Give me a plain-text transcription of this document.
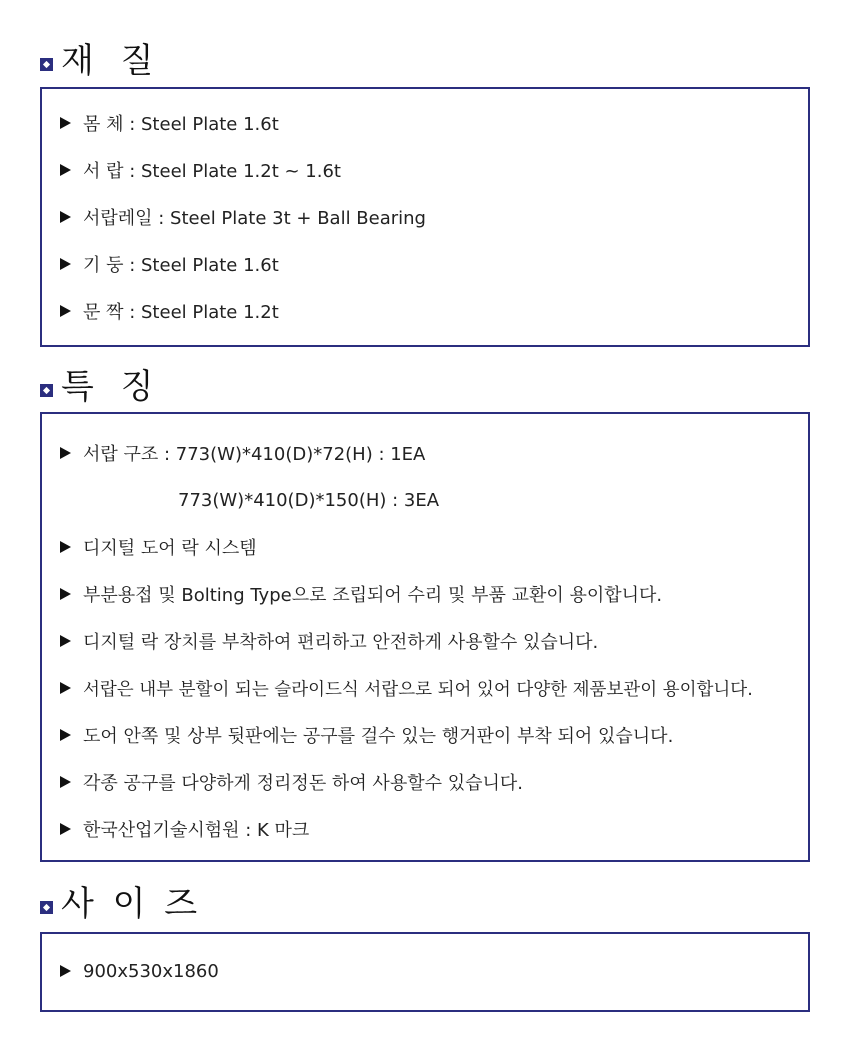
재 질
몸 체 : Steel Plate 1.6t
서 랍 : Steel Plate 1.2t ~ 1.6t
서랍레일 : Steel Plate 3t + Ball Bearing
기 둥 : Steel Plate 1.6t
문 짝 : Steel Plate 1.2t
특 징
서랍 구조 : 773(W)*410(D)*72(H) : 1EA
773(W)*410(D)*150(H) : 3EA
디지털 도어 락 시스템
부분용접 및 Bolting Type으로 조립되어 수리 및 부품 교환이 용이합니다.
디지털 락 장치를 부착하여 편리하고 안전하게 사용할수 있습니다.
서랍은 내부 분할이 되는 슬라이드식 서랍으로 되어 있어 다양한 제품보관이 용이합니다.
도어 안쪽 및 상부 뒷판에는 공구를 걸수 있는 행거판이 부착 되어 있습니다.
각종 공구를 다양하게 정리정돈 하여 사용할수 있습니다.
한국산업기술시험원 : K 마크
사 이 즈
900x530x1860
